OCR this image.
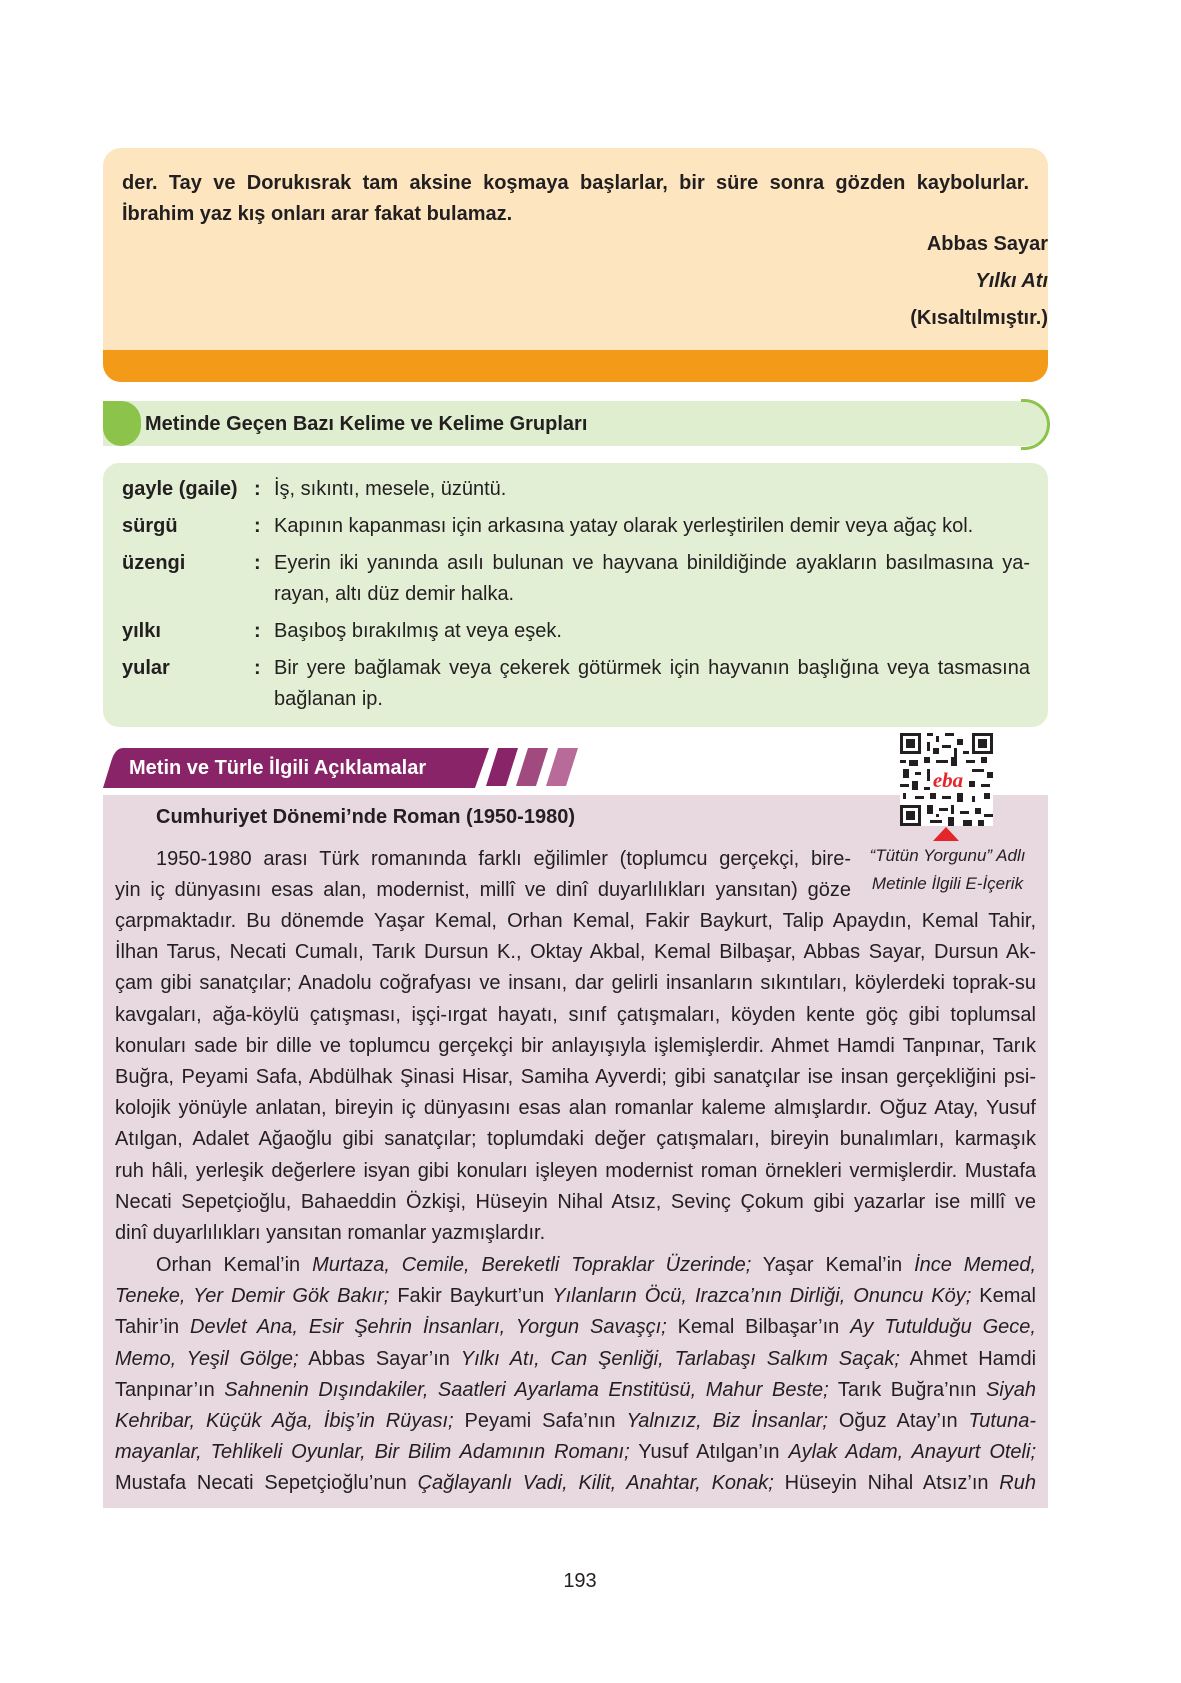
der. Tay ve Dorukısrak tam aksine koşmaya başlarlar, bir süre sonra gözden kaybolurlar.
İbrahim yaz kış onları arar fakat bulamaz.
Abbas Sayar
Yılkı Atı
(Kısaltılmıştır.)
Metinde Geçen Bazı Kelime ve Kelime Grupları
gayle (gaile) : İş, sıkıntı, mesele, üzüntü.
sürgü	: Kapının kapanması için arkasına yatay olarak yerleştirilen demir veya ağaç kol.
üzengi	: Eyerin iki yanında asılı bulunan ve hayvana binildiğinde ayakların basılmasına ya-
rayan, altı düz demir halka.
yılkı	: Başıboş bırakılmış at veya eşek.
yular	: Bir yere bağlamak veya çekerek götürmek için hayvanın başlığına veya tasmasına
bağlanan ip.
Metin ve Türle İlgili Açıklamalar
Cumhuriyet Dönemi’nde Roman (1950-1980)
1950-1980 arası Türk romanında farklı eğilimler (toplumcu gerçekçi, bire-
yin iç dünyasını esas alan, modernist, millî ve dinî duyarlılıkları yansıtan) göze
çarpmaktadır. Bu dönemde Yaşar Kemal, Orhan Kemal, Fakir Baykurt, Talip Apaydın, Kemal Tahir,
İlhan Tarus, Necati Cumalı, Tarık Dursun K., Oktay Akbal, Kemal Bilbaşar, Abbas Sayar, Dursun Ak-
çam gibi sanatçılar; Anadolu coğrafyası ve insanı, dar gelirli insanların sıkıntıları, köylerdeki toprak-su
kavgaları, ağa-köylü çatışması, işçi-ırgat hayatı, sınıf çatışmaları, köyden kente göç gibi toplumsal
konuları sade bir dille ve toplumcu gerçekçi bir anlayışıyla işlemişlerdir. Ahmet Hamdi Tanpınar, Tarık
Buğra, Peyami Safa, Abdülhak Şinasi Hisar, Samiha Ayverdi; gibi sanatçılar ise insan gerçekliğini psi-
kolojik yönüyle anlatan, bireyin iç dünyasını esas alan romanlar kaleme almışlardır. Oğuz Atay, Yusuf
Atılgan, Adalet Ağaoğlu gibi sanatçılar; toplumdaki değer çatışmaları, bireyin bunalımları, karmaşık
ruh hâli, yerleşik değerlere isyan gibi konuları işleyen modernist roman örnekleri vermişlerdir. Mustafa
Necati Sepetçioğlu, Bahaeddin Özkişi, Hüseyin Nihal Atsız, Sevinç Çokum gibi yazarlar ise millî ve
dinî duyarlılıkları yansıtan romanlar yazmışlardır.
Orhan Kemal’in Murtaza, Cemile, Bereketli Topraklar Üzerinde; Yaşar Kemal’in İnce Memed,
Teneke, Yer Demir Gök Bakır; Fakir Baykurt’un Yılanların Öcü, Irazca’nın Dirliği, Onuncu Köy; Kemal
Tahir’in Devlet Ana, Esir Şehrin İnsanları, Yorgun Savaşçı; Kemal Bilbaşar’ın Ay Tutulduğu Gece,
Memo, Yeşil Gölge; Abbas Sayar’ın Yılkı Atı, Can Şenliği, Tarlabaşı Salkım Saçak; Ahmet Hamdi
Tanpınar’ın Sahnenin Dışındakiler, Saatleri Ayarlama Enstitüsü, Mahur Beste; Tarık Buğra’nın Siyah
Kehribar, Küçük Ağa, İbiş’in Rüyası; Peyami Safa’nın Yalnızız, Biz İnsanlar; Oğuz Atay’ın Tutuna-
mayanlar, Tehlikeli Oyunlar, Bir Bilim Adamının Romanı; Yusuf Atılgan’ın Aylak Adam, Anayurt Oteli;
Mustafa Necati Sepetçioğlu’nun Çağlayanlı Vadi, Kilit, Anahtar, Konak; Hüseyin Nihal Atsız’ın Ruh
eba
“Tütün Yorgunu” Adlı
Metinle İlgili E-İçerik
193
